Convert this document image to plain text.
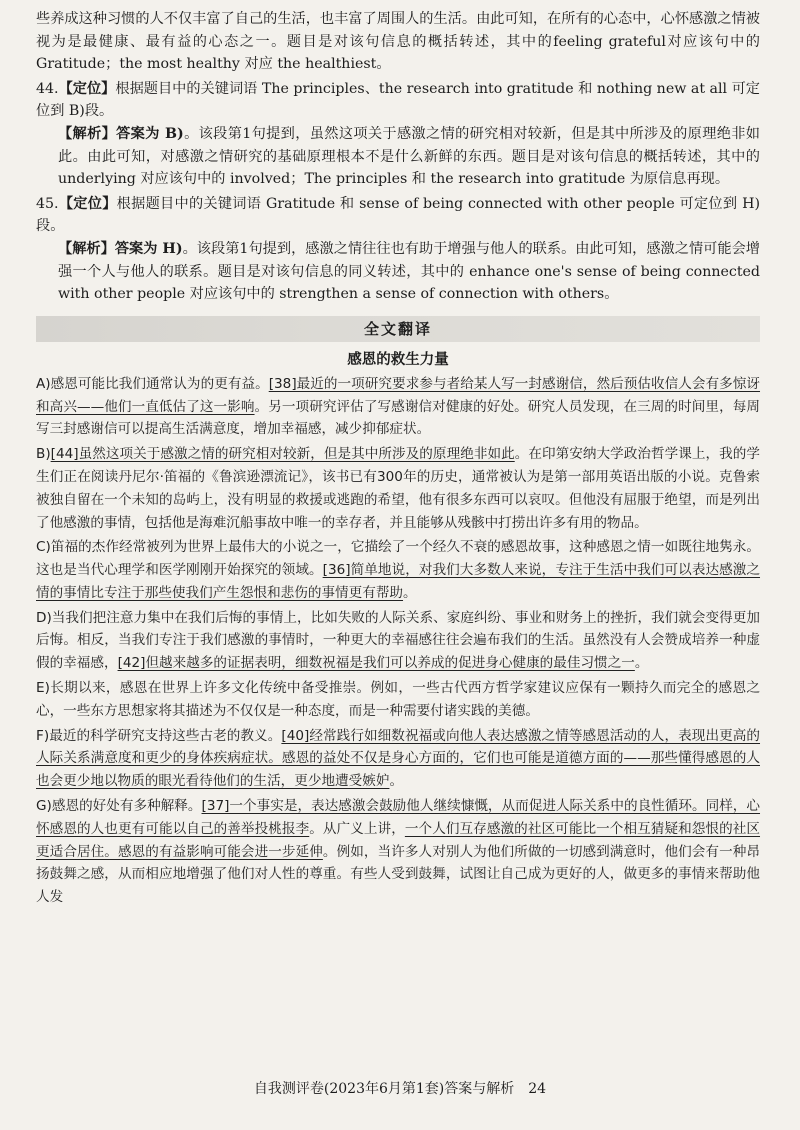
些养成这种习惯的人不仅丰富了自己的生活，也丰富了周围人的生活。由此可知，在所有的心态中，心怀感激之情被视为是最健康、最有益的心态之一。题目是对该句信息的概括转述，其中的feeling grateful对应该句中的 Gratitude；the most healthy 对应 the healthiest。

44.【定位】根据题目中的关键词语 The principles、the research into gratitude 和 nothing new at all 可定位到 B)段。

【解析】答案为 B)。该段第1句提到，虽然这项关于感激之情的研究相对较新，但是其中所涉及的原理绝非如此。由此可知，对感激之情研究的基础原理根本不是什么新鲜的东西。题目是对该句信息的概括转述，其中的 underlying 对应该句中的 involved；The principles 和 the research into gratitude 为原信息再现。

45.【定位】根据题目中的关键词语 Gratitude 和 sense of being connected with other people 可定位到 H)段。

【解析】答案为 H)。该段第1句提到，感激之情往往也有助于增强与他人的联系。由此可知，感激之情可能会增强一个人与他人的联系。题目是对该句信息的同义转述，其中的 enhance one's sense of being connected with other people 对应该句中的 strengthen a sense of connection with others。

全文翻译
感恩的救生力量

A)感恩可能比我们通常认为的更有益。[38]最近的一项研究要求参与者给某人写一封感谢信，然后预估收信人会有多惊讶和高兴——他们一直低估了这一影响。另一项研究评估了写感谢信对健康的好处。研究人员发现，在三周的时间里，每周写三封感谢信可以提高生活满意度，增加幸福感，减少抑郁症状。

B)[44]虽然这项关于感激之情的研究相对较新，但是其中所涉及的原理绝非如此。在印第安纳大学政治哲学课上，我的学生们正在阅读丹尼尔·笛福的《鲁滨逊漂流记》，该书已有300年的历史，通常被认为是第一部用英语出版的小说。克鲁索被独自留在一个未知的岛屿上，没有明显的救援或逃跑的希望，他有很多东西可以哀叹。但他没有屈服于绝望，而是列出了他感激的事情，包括他是海难沉船事故中唯一的幸存者，并且能够从残骸中打捞出许多有用的物品。

C)笛福的杰作经常被列为世界上最伟大的小说之一，它描绘了一个经久不衰的感恩故事，这种感恩之情一如既往地隽永。这也是当代心理学和医学刚刚开始探究的领域。[36]简单地说，对我们大多数人来说，专注于生活中我们可以表达感激之情的事情比专注于那些使我们产生怨恨和悲伤的事情更有帮助。

D)当我们把注意力集中在我们后悔的事情上，比如失败的人际关系、家庭纠纷、事业和财务上的挫折，我们就会变得更加后悔。相反，当我们专注于我们感激的事情时，一种更大的幸福感往往会遍布我们的生活。虽然没有人会赞成培养一种虚假的幸福感，[42]但越来越多的证据表明，细数祝福是我们可以养成的促进身心健康的最佳习惯之一。

E)长期以来，感恩在世界上许多文化传统中备受推崇。例如，一些古代西方哲学家建议应保有一颗持久而完全的感恩之心，一些东方思想家将其描述为不仅仅是一种态度，而是一种需要付诸实践的美德。

F)最近的科学研究支持这些古老的教义。[40]经常践行如细数祝福或向他人表达感激之情等感恩活动的人，表现出更高的人际关系满意度和更少的身体疾病症状。感恩的益处不仅是身心方面的，它们也可能是道德方面的——那些懂得感恩的人也会更少地以物质的眼光看待他们的生活，更少地遭受嫉妒。

G)感恩的好处有多种解释。[37]一个事实是，表达感激会鼓励他人继续慷慨，从而促进人际关系中的良性循环。同样，心怀感恩的人也更有可能以自己的善举投桃报李。从广义上讲，一个人们互存感激的社区可能比一个相互猜疑和怨恨的社区更适合居住。感恩的有益影响可能会进一步延伸。例如，当许多人对别人为他们所做的一切感到满意时，他们会有一种昂扬鼓舞之感，从而相应地增强了他们对人性的尊重。有些人受到鼓舞，试图让自己成为更好的人，做更多的事情来帮助他人发

自我测评卷(2023年6月第1套)答案与解析　24
